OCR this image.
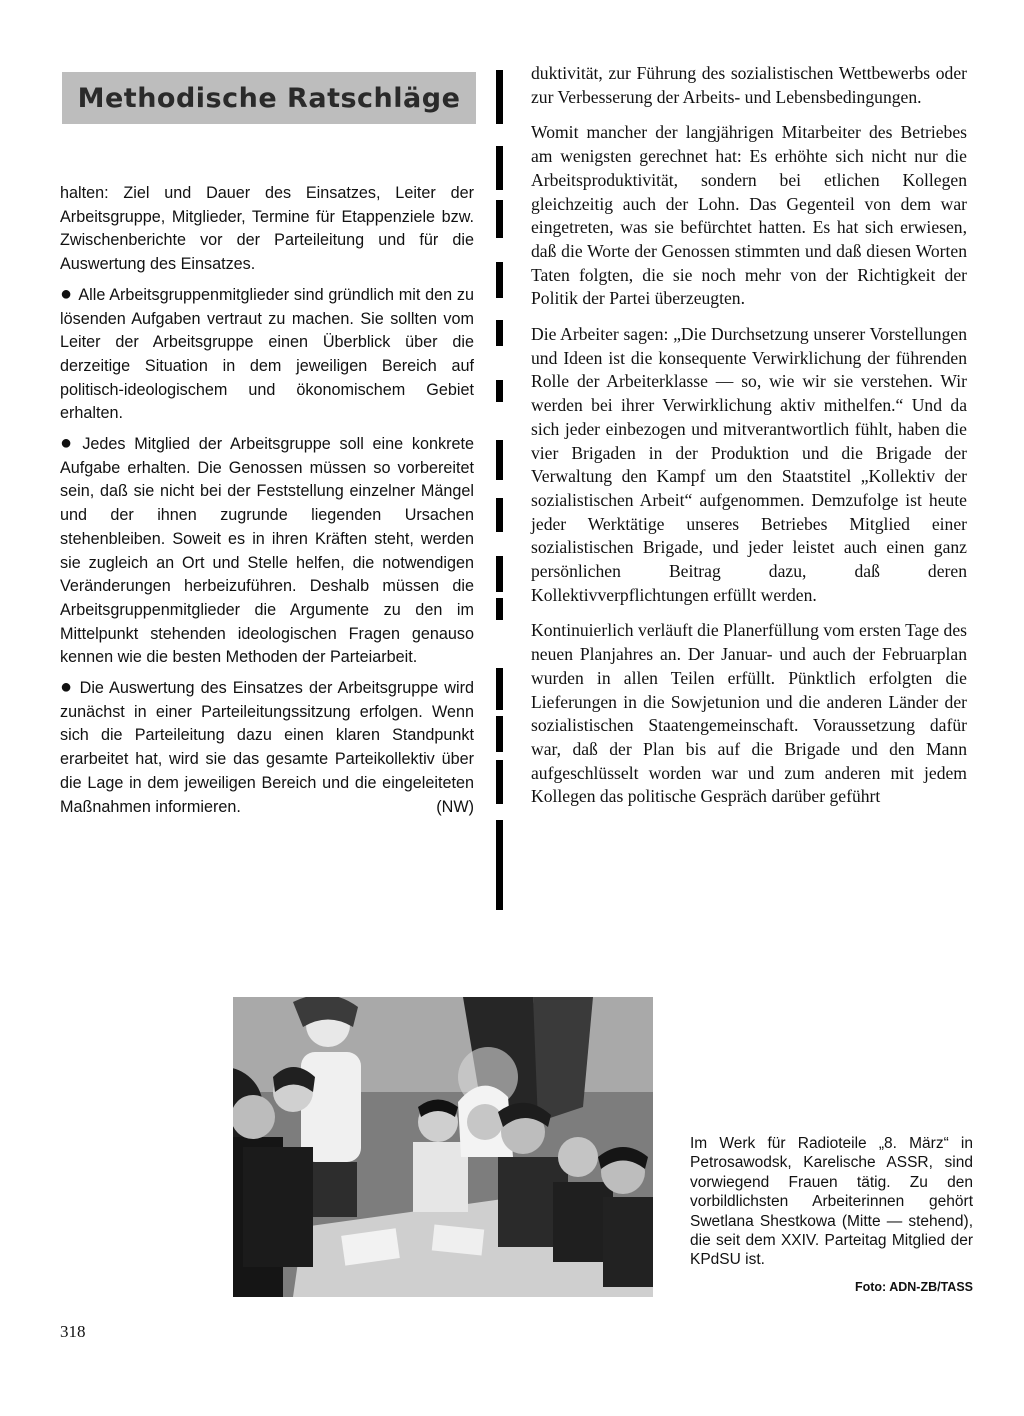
Methodische Ratschläge

halten: Ziel und Dauer des Einsatzes, Leiter der Arbeitsgruppe, Mitglieder, Termine für Etappenziele bzw. Zwischenberichte vor der Parteileitung und für die Auswertung des Einsatzes.

● Alle Arbeitsgruppenmitglieder sind gründlich mit den zu lösenden Aufgaben vertraut zu machen. Sie sollten vom Leiter der Arbeitsgruppe einen Überblick über die derzeitige Situation in dem jeweiligen Bereich auf politisch-ideologischem und ökonomischem Gebiet erhalten.

● Jedes Mitglied der Arbeitsgruppe soll eine konkrete Aufgabe erhalten. Die Genossen müssen so vorbereitet sein, daß sie nicht bei der Feststellung einzelner Mängel und der ihnen zugrunde liegenden Ursachen stehenbleiben. Soweit es in ihren Kräften steht, werden sie zugleich an Ort und Stelle helfen, die notwendigen Veränderungen herbeizuführen. Deshalb müssen die Arbeitsgruppenmitglieder die Argumente zu den im Mittelpunkt stehenden ideologischen Fragen genauso kennen wie die besten Methoden der Parteiarbeit.

● Die Auswertung des Einsatzes der Arbeitsgruppe wird zunächst in einer Parteileitungssitzung erfolgen. Wenn sich die Parteileitung dazu einen klaren Standpunkt erarbeitet hat, wird sie das gesamte Parteikollektiv über die Lage in dem jeweiligen Bereich und die eingeleiteten Maßnahmen informieren.	(NW)

duktivität, zur Führung des sozialistischen Wettbewerbs oder zur Verbesserung der Arbeits- und Lebensbedingungen.

Womit mancher der langjährigen Mitarbeiter des Betriebes am wenigsten gerechnet hat: Es erhöhte sich nicht nur die Arbeitsproduktivität, sondern bei etlichen Kollegen gleichzeitig auch der Lohn. Das Gegenteil von dem war eingetreten, was sie befürchtet hatten. Es hat sich erwiesen, daß die Worte der Genossen stimmten und daß diesen Worten Taten folgten, die sie noch mehr von der Richtigkeit der Politik der Partei überzeugten.

Die Arbeiter sagen: „Die Durchsetzung unserer Vorstellungen und Ideen ist die konsequente Verwirklichung der führenden Rolle der Arbeiterklasse — so, wie wir sie verstehen. Wir werden bei ihrer Verwirklichung aktiv mithelfen.“ Und da sich jeder einbezogen und mitverantwortlich fühlt, haben die vier Brigaden in der Produktion und die Brigade der Verwaltung den Kampf um den Staatstitel „Kollektiv der sozialistischen Arbeit“ aufgenommen. Demzufolge ist heute jeder Werktätige unseres Betriebes Mitglied einer sozialistischen Brigade, und jeder leistet auch einen ganz persönlichen Beitrag dazu, daß deren Kollektivverpflichtungen erfüllt werden.

Kontinuierlich verläuft die Planerfüllung vom ersten Tage des neuen Planjahres an. Der Januar- und auch der Februarplan wurden in allen Teilen erfüllt. Pünktlich erfolgten die Lieferungen in die Sowjetunion und die anderen Länder der sozialistischen Staatengemeinschaft. Voraussetzung dafür war, daß der Plan bis auf die Brigade und den Mann aufgeschlüsselt worden war und zum anderen mit jedem Kollegen das politische Gespräch darüber geführt

Im Werk für Radioteile „8. März“ in Petrosawodsk, Karelische ASSR, sind vorwiegend Frauen tätig. Zu den vorbildlichsten Arbeiterinnen gehört Swetlana Shestkowa (Mitte — stehend), die seit dem XXIV. Parteitag Mitglied der KPdSU ist.
Foto: ADN-ZB/TASS
318
